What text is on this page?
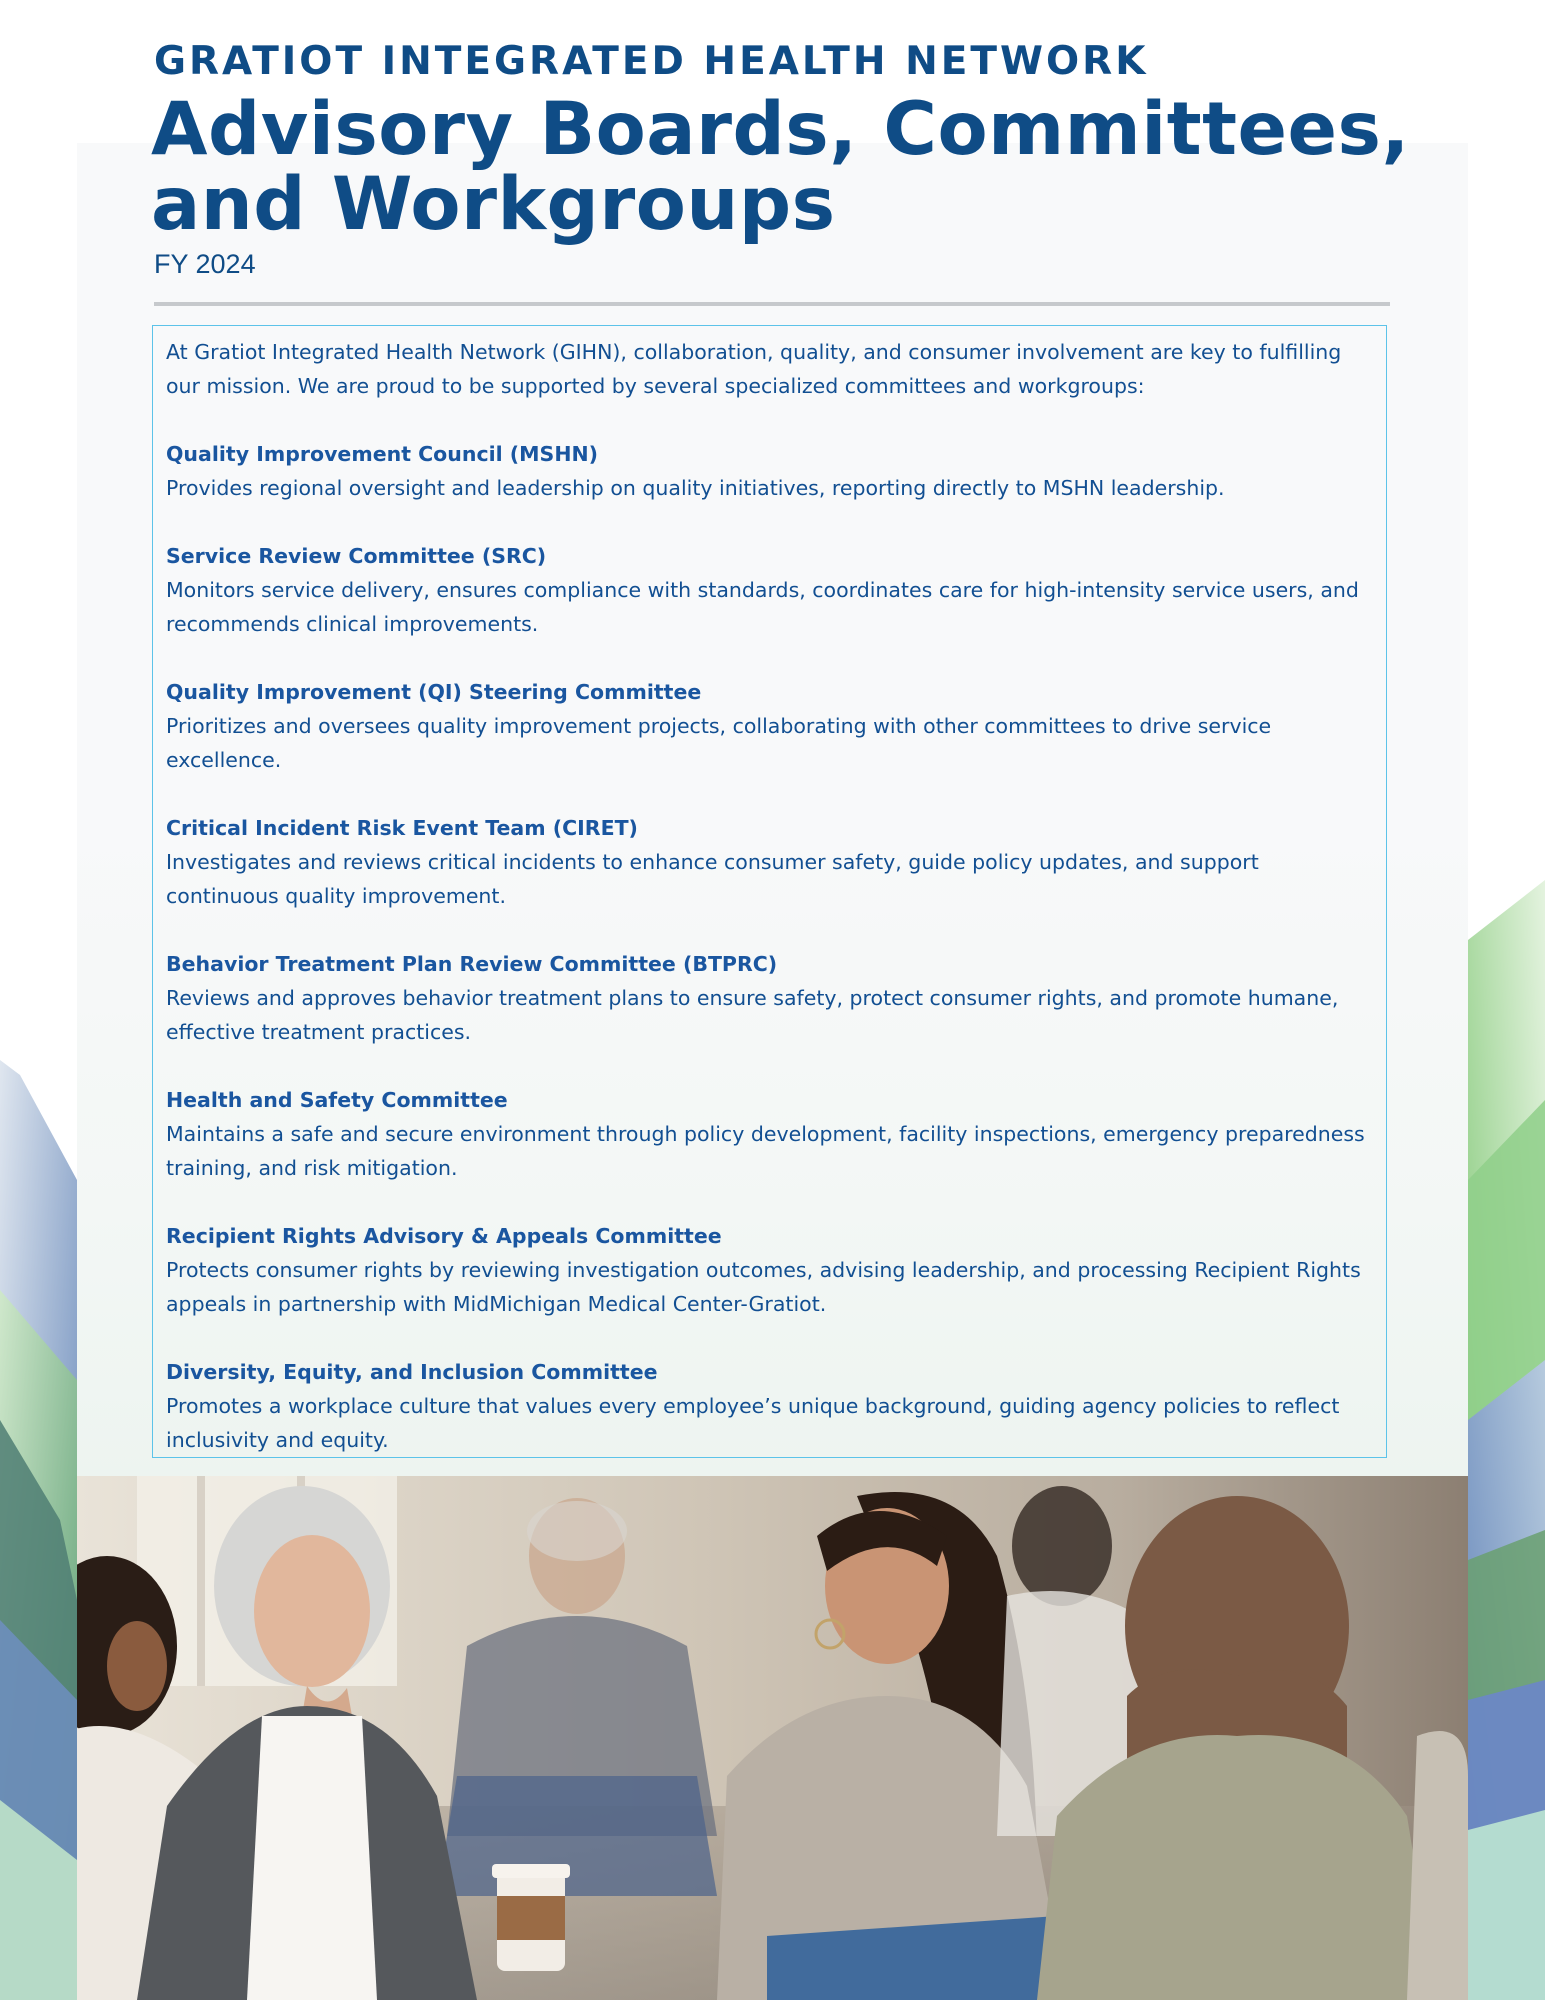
GRATIOT INTEGRATED HEALTH NETWORK
Advisory Boards, Committees,
and Workgroups
FY 2024

At Gratiot Integrated Health Network (GIHN), collaboration, quality, and consumer involvement are key to fulfilling our mission. We are proud to be supported by several specialized committees and workgroups:

Quality Improvement Council (MSHN)

Provides regional oversight and leadership on quality initiatives, reporting directly to MSHN leadership.

Service Review Committee (SRC)

Monitors service delivery, ensures compliance with standards, coordinates care for high-intensity service users, and recommends clinical improvements.

Quality Improvement (QI) Steering Committee

Prioritizes and oversees quality improvement projects, collaborating with other committees to drive service excellence.

Critical Incident Risk Event Team (CIRET)

Investigates and reviews critical incidents to enhance consumer safety, guide policy updates, and support continuous quality improvement.

Behavior Treatment Plan Review Committee (BTPRC)

Reviews and approves behavior treatment plans to ensure safety, protect consumer rights, and promote humane, effective treatment practices.

Health and Safety Committee

Maintains a safe and secure environment through policy development, facility inspections, emergency preparedness training, and risk mitigation.

Recipient Rights Advisory & Appeals Committee

Protects consumer rights by reviewing investigation outcomes, advising leadership, and processing Recipient Rights appeals in partnership with MidMichigan Medical Center-Gratiot.

Diversity, Equity, and Inclusion Committee

Promotes a workplace culture that values every employee’s unique background, guiding agency policies to reflect inclusivity and equity.
